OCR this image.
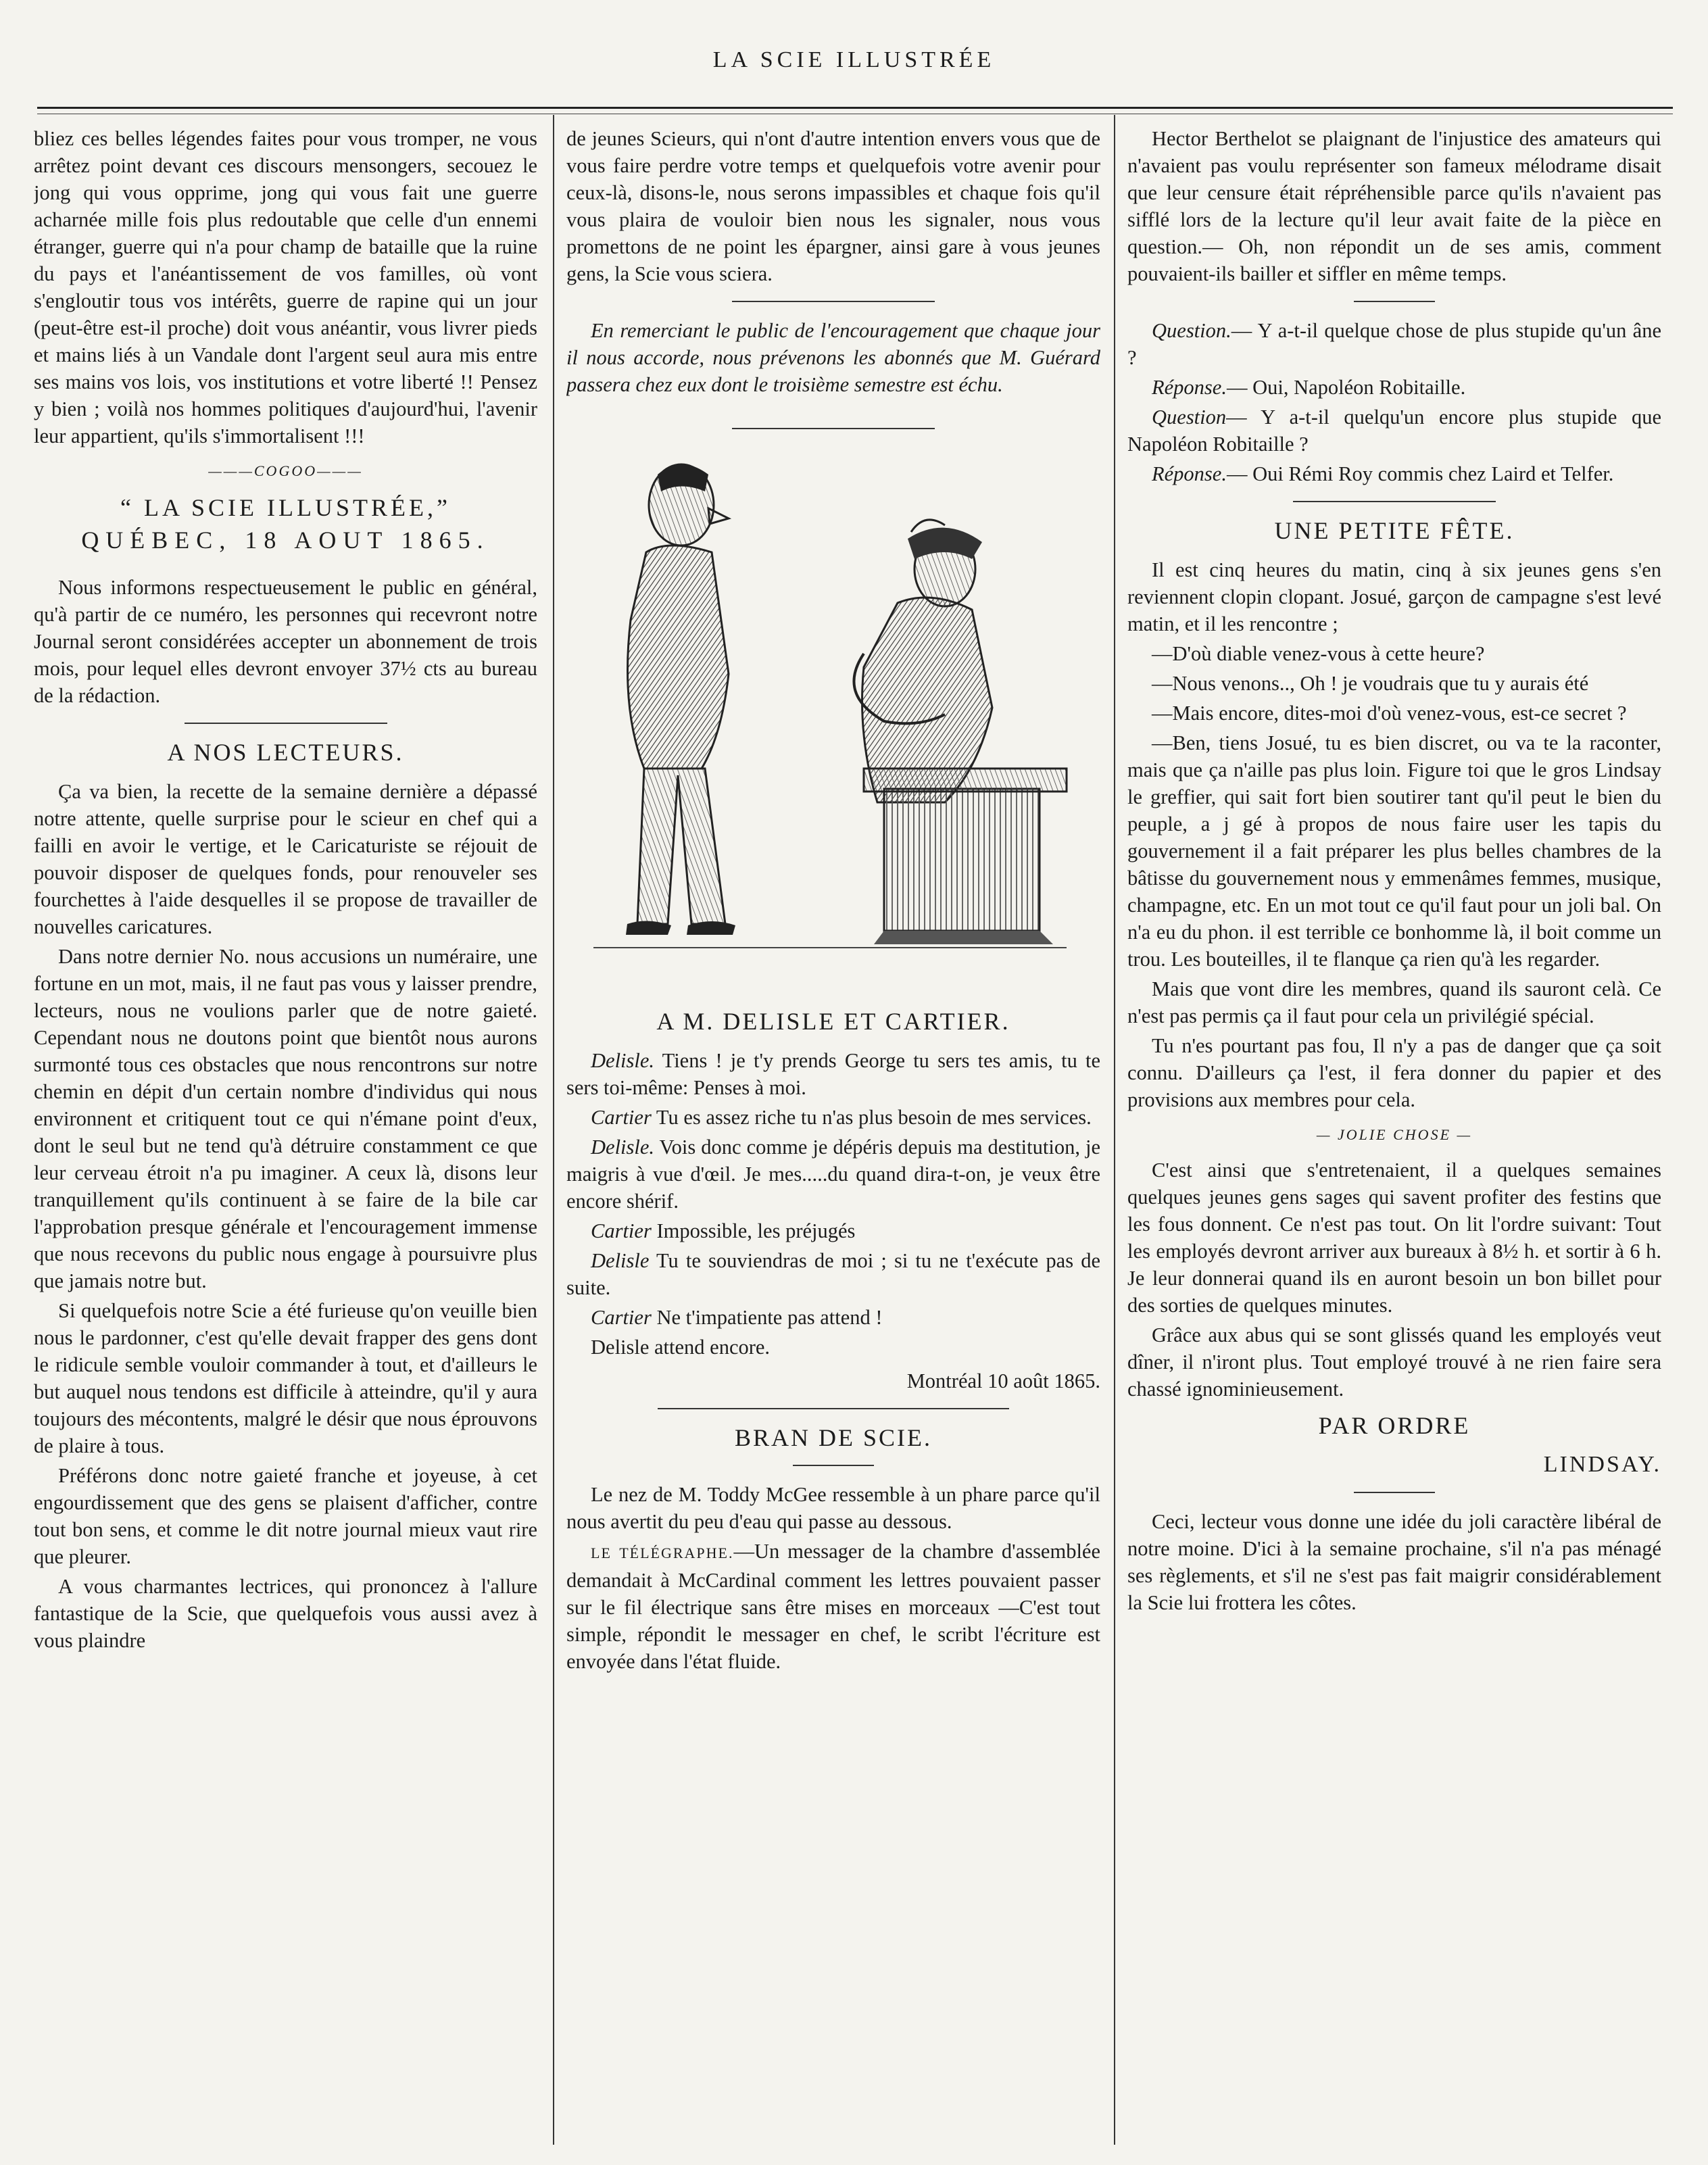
LA SCIE ILLUSTRÉE

bliez ces belles légendes faites pour vous tromper, ne vous arrêtez point devant ces discours mensongers, secouez le jong qui vous opprime, jong qui vous fait une guerre acharnée mille fois plus redoutable que celle d'un ennemi étranger, guerre qui n'a pour champ de bataille que la ruine du pays et l'anéantissement de vos familles, où vont s'engloutir tous vos intérêts, guerre de rapine qui un jour (peut-être est-il proche) doit vous anéantir, vous livrer pieds et mains liés à un Vandale dont l'argent seul aura mis entre ses mains vos lois, vos institutions et votre liberté !! Pensez y bien ; voilà nos hommes politiques d'aujourd'hui, l'avenir leur appartient, qu'ils s'immortalisent !!!

———COGOO———
“ LA SCIE ILLUSTRÉE,”
QUÉBEC, 18 AOUT 1865.

Nous informons respectueusement le public en général, qu'à partir de ce numéro, les personnes qui recevront notre Journal seront considérées accepter un abonnement de trois mois, pour lequel elles devront envoyer 37½ cts au bureau de la rédaction.

A NOS LECTEURS.

Ça va bien, la recette de la semaine dernière a dépassé notre attente, quelle surprise pour le scieur en chef qui a failli en avoir le vertige, et le Caricaturiste se réjouit de pouvoir disposer de quelques fonds, pour renouveler ses fourchettes à l'aide desquelles il se propose de travailler de nouvelles caricatures.

Dans notre dernier No. nous accusions un numéraire, une fortune en un mot, mais, il ne faut pas vous y laisser prendre, lecteurs, nous ne voulions parler que de notre gaieté. Cependant nous ne doutons point que bientôt nous aurons surmonté tous ces obstacles que nous rencontrons sur notre chemin en dépit d'un certain nombre d'individus qui nous environnent et critiquent tout ce qui n'émane point d'eux, dont le seul but ne tend qu'à détruire constamment ce que leur cerveau étroit n'a pu imaginer. A ceux là, disons leur tranquillement qu'ils continuent à se faire de la bile car l'approbation presque générale et l'encouragement immense que nous recevons du public nous engage à poursuivre plus que jamais notre but.

Si quelquefois notre Scie a été furieuse qu'on veuille bien nous le pardonner, c'est qu'elle devait frapper des gens dont le ridicule semble vouloir commander à tout, et d'ailleurs le but auquel nous tendons est difficile à atteindre, qu'il y aura toujours des mécontents, malgré le désir que nous éprouvons de plaire à tous.

Préférons donc notre gaieté franche et joyeuse, à cet engourdissement que des gens se plaisent d'afficher, contre tout bon sens, et comme le dit notre journal mieux vaut rire que pleurer.

A vous charmantes lectrices, qui prononcez à l'allure fantastique de la Scie, que quelquefois vous aussi avez à vous plaindre

de jeunes Scieurs, qui n'ont d'autre intention envers vous que de vous faire perdre votre temps et quelquefois votre avenir pour ceux-là, disons-le, nous serons impassibles et chaque fois qu'il vous plaira de vouloir bien nous les signaler, nous vous promettons de ne point les épargner, ainsi gare à vous jeunes gens, la Scie vous sciera.

En remerciant le public de l'encouragement que chaque jour il nous accorde, nous prévenons les abonnés que M. Guérard passera chez eux dont le troisième semestre est échu.

A M. DELISLE ET CARTIER.

Delisle. Tiens ! je t'y prends George tu sers tes amis, tu te sers toi-même: Penses à moi.

Cartier Tu es assez riche tu n'as plus besoin de mes services.

Delisle. Vois donc comme je dépéris depuis ma destitution, je maigris à vue d'œil. Je mes.....du quand dira-t-on, je veux être encore shérif.

Cartier Impossible, les préjugés

Delisle Tu te souviendras de moi ; si tu ne t'exécute pas de suite.

Cartier Ne t'impatiente pas attend !

Delisle attend encore.

Montréal 10 août 1865.
BRAN DE SCIE.

Le nez de M. Toddy McGee ressemble à un phare parce qu'il nous avertit du peu d'eau qui passe au dessous.

LE TÉLÉGRAPHE.—Un messager de la chambre d'assemblée demandait à McCardinal comment les lettres pouvaient passer sur le fil électrique sans être mises en morceaux —C'est tout simple, répondit le messager en chef, le scribt l'écriture est envoyée dans l'état fluide.

Hector Berthelot se plaignant de l'injustice des amateurs qui n'avaient pas voulu représenter son fameux mélodrame disait que leur censure était répréhensible parce qu'ils n'avaient pas sifflé lors de la lecture qu'il leur avait faite de la pièce en question.— Oh, non répondit un de ses amis, comment pouvaient-ils bailler et siffler en même temps.

Question.— Y a-t-il quelque chose de plus stupide qu'un âne ?

Réponse.— Oui, Napoléon Robitaille.

Question— Y a-t-il quelqu'un encore plus stupide que Napoléon Robitaille ?

Réponse.— Oui Rémi Roy commis chez Laird et Telfer.

UNE PETITE FÊTE.

Il est cinq heures du matin, cinq à six jeunes gens s'en reviennent clopin clopant. Josué, garçon de campagne s'est levé matin, et il les rencontre ;

—D'où diable venez-vous à cette heure?

—Nous venons.., Oh ! je voudrais que tu y aurais été

—Mais encore, dites-moi d'où venez-vous, est-ce secret ?

—Ben, tiens Josué, tu es bien discret, ou va te la raconter, mais que ça n'aille pas plus loin. Figure toi que le gros Lindsay le greffier, qui sait fort bien soutirer tant qu'il peut le bien du peuple, a j gé à propos de nous faire user les tapis du gouvernement il a fait préparer les plus belles chambres de la bâtisse du gouvernement nous y emmenâmes femmes, musique, champagne, etc. En un mot tout ce qu'il faut pour un joli bal. On n'a eu du phon. il est terrible ce bonhomme là, il boit comme un trou. Les bouteilles, il te flanque ça rien qu'à les regarder.

Mais que vont dire les membres, quand ils sauront celà. Ce n'est pas permis ça il faut pour cela un privilégié spécial.

Tu n'es pourtant pas fou, Il n'y a pas de danger que ça soit connu. D'ailleurs ça l'est, il fera donner du papier et des provisions aux membres pour cela.

— JOLIE CHOSE —

C'est ainsi que s'entretenaient, il a quelques semaines quelques jeunes gens sages qui savent profiter des festins que les fous donnent. Ce n'est pas tout. On lit l'ordre suivant: Tout les employés devront arriver aux bureaux à 8½ h. et sortir à 6 h. Je leur donnerai quand ils en auront besoin un bon billet pour des sorties de quelques minutes.

Grâce aux abus qui se sont glissés quand les employés veut dîner, il n'iront plus. Tout employé trouvé à ne rien faire sera chassé ignominieusement.

PAR ORDRE
LINDSAY.

Ceci, lecteur vous donne une idée du joli caractère libéral de notre moine. D'ici à la semaine prochaine, s'il n'a pas ménagé ses règlements, et s'il ne s'est pas fait maigrir considérablement la Scie lui frottera les côtes.
